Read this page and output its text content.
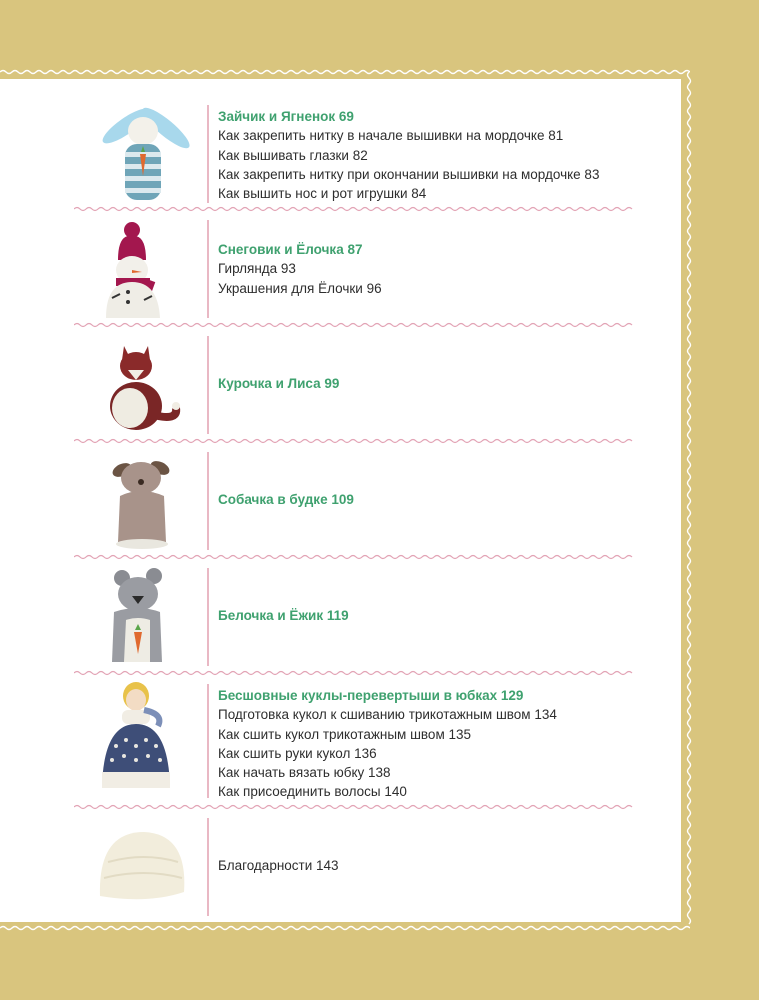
Зайчик и Ягненок 69
Как закрепить нитку в начале вышивки на мордочке 81
Как вышивать глазки 82
Как закрепить нитку при окончании вышивки на мордочке 83
Как вышить нос и рот игрушки 84
Снеговик и Ёлочка 87
Гирлянда 93
Украшения для Ёлочки 96
Курочка и Лиса 99
Собачка в будке 109
Белочка и Ёжик 119
Бесшовные куклы-перевертыши в юбках 129
Подготовка кукол к сшиванию трикотажным швом 134
Как сшить кукол трикотажным швом 135
Как сшить руки кукол 136
Как начать вязать юбку 138
Как присоединить волосы 140
Благодарности 143
